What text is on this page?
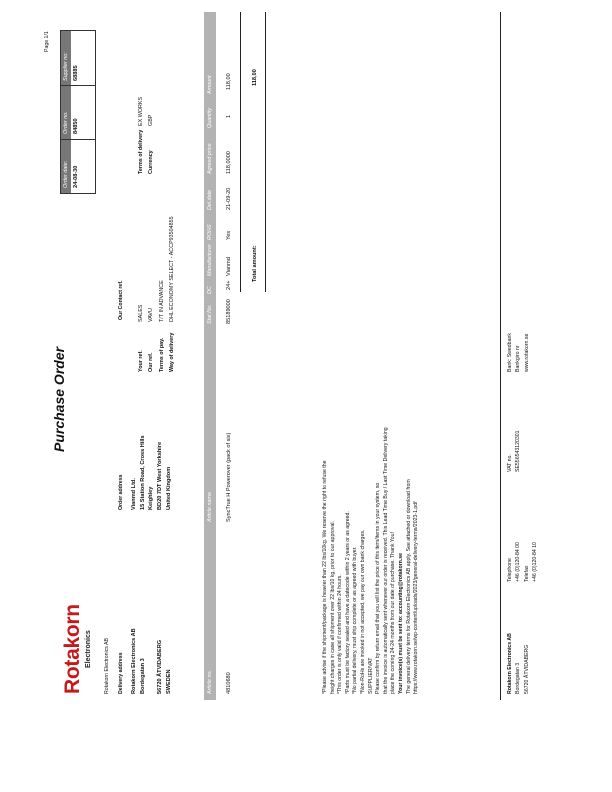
Page 1/1
Rotakorn Electronics Rotakorn Electronics AB
Purchase Order
Order date:
Order no.
Supplier no:
24-08-30
84850
68885
Delivery address Rotakorn Electronics AB Bordegatan 3
56720 ÅTVIDABERG SWEDEN
Order address Vianmd Ltd. 15 Station Road, Cross Hills Keighley BD20 7DT West Yorkshire United Kingdom
Our Contact ref.
Your ref. Our ref. Terms of pay. Way of delivery
SALES VAVU T/T IN ADVANCE DHL ECONOMY SELECT - ACCP93504855
Terms of delivery Currency
EX WORKS GBP
Article no.
Article name
Stat No.
DC
Manufacturer
ROHS
Del.date
Agreed price
Quantity
Amount
4810680
SyncTrue H Powerover (pack of six)
85189000
24+
Vianmd
Yes
21-09-20
118,0000
1
118,00
Total amount:
118,00
*Please advise if the shipment/package is heavier than 22 lbs/10kg. We reserve the right to refuse the freight charges in case all shipment over 22 lbs/10 kg, prior to our approval. *This order is only valid if confirmed within 24 hours. *Parts must be factory sealed and have a datecode within 2 years or as agreed. *No partial delivery, must ship complete or as agreed with buyer. *Non-RoHs are invoked in not accepted, we pay our own bank charges. SUPPLIER/VAT Please confirm by return email that you will list the price of this item/items in your system, so that the invoice is automatically sent whenever our order is received. This Lead Time Buy / Last Time Delivery taking place the coming 24-24 months from our date of purchase. Thank You! Your invoice(s) must be sent to: accounting@rotakorn.se The general delivery terms for Rotakorn Electronics AB apply. See attached or download from https://www.rotakorn.se/wp-content/uploads/2023/general-delivery-terms/2023-1.pdf	Rotakorn Electronics AB Bordegatan 3 56720 ÅTVIDABERG
Telephone +46 (0)120-84 00 Telefax +46 (0)120-84 10
VAT no. SE556543120301
Bank: Swedbank Bankgiro nr www.rotakorn.se
